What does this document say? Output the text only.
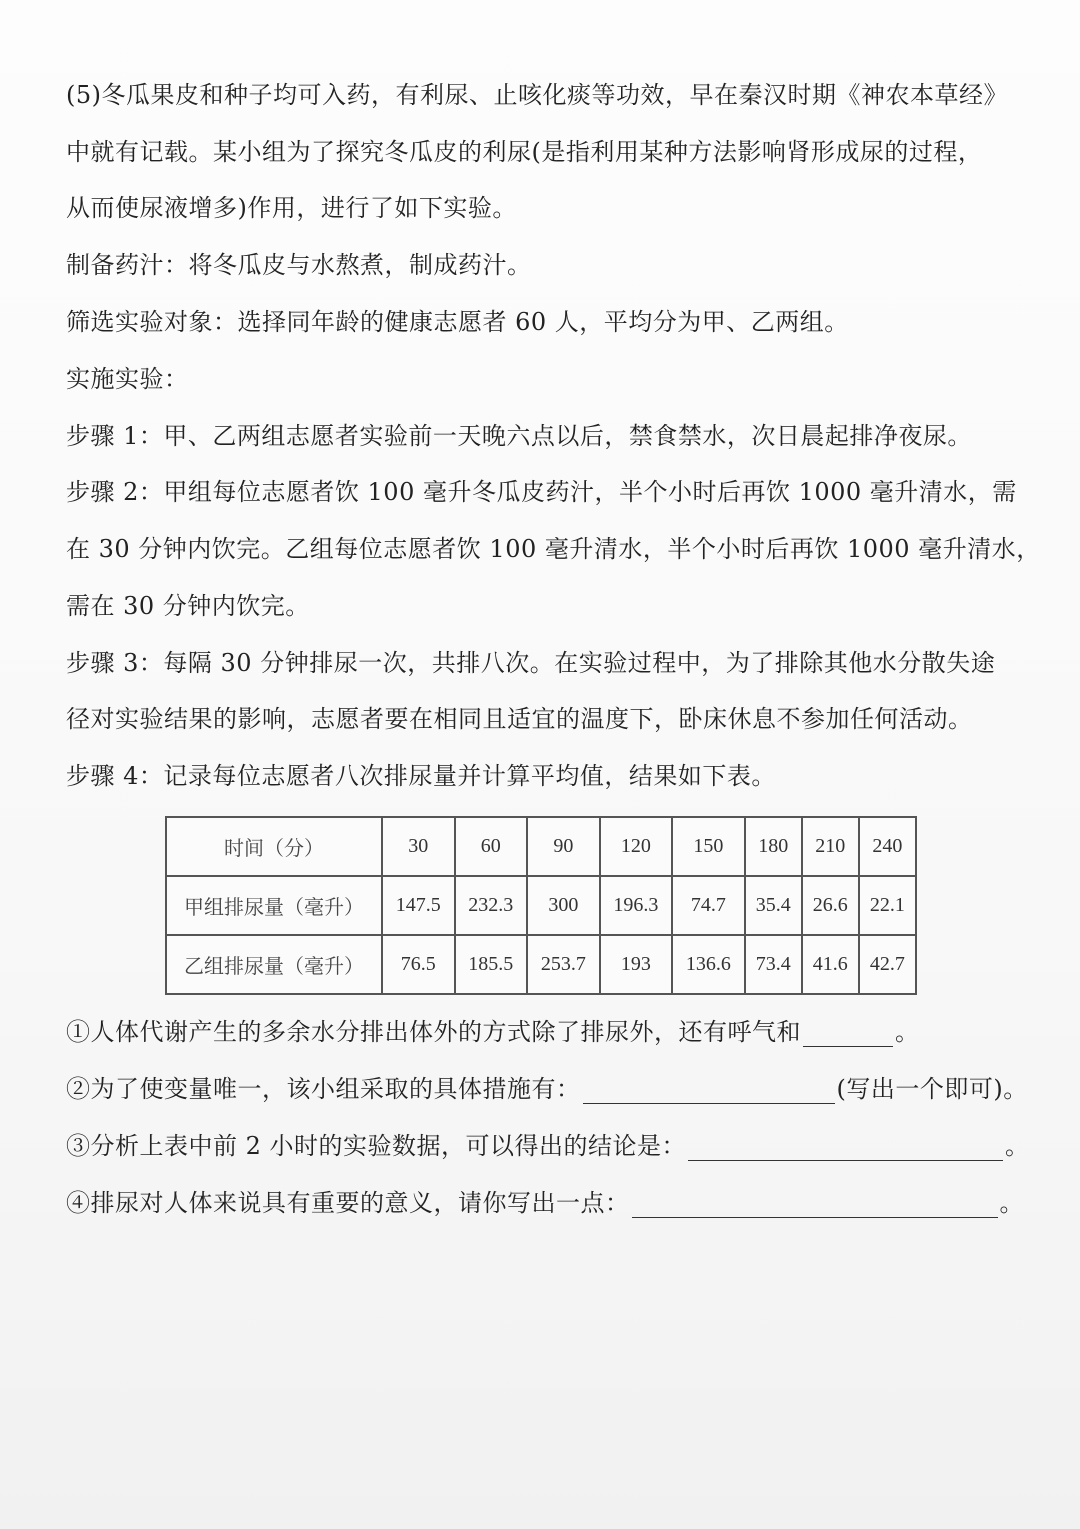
(5)冬瓜果皮和种子均可入药，有利尿、止咳化痰等功效，早在秦汉时期《神农本草经》
中就有记载。某小组为了探究冬瓜皮的利尿(是指利用某种方法影响肾形成尿的过程，
从而使尿液增多)作用，进行了如下实验。
制备药汁：将冬瓜皮与水熬煮，制成药汁。
筛选实验对象：选择同年龄的健康志愿者 60 人，平均分为甲、乙两组。
实施实验：
步骤 1：甲、乙两组志愿者实验前一天晚六点以后，禁食禁水，次日晨起排净夜尿。
步骤 2：甲组每位志愿者饮 100 毫升冬瓜皮药汁，半个小时后再饮 1000 毫升清水，需
在 30 分钟内饮完。乙组每位志愿者饮 100 毫升清水，半个小时后再饮 1000 毫升清水，
需在 30 分钟内饮完。
步骤 3：每隔 30 分钟排尿一次，共排八次。在实验过程中，为了排除其他水分散失途
径对实验结果的影响，志愿者要在相同且适宜的温度下，卧床休息不参加任何活动。
步骤 4：记录每位志愿者八次排尿量并计算平均值，结果如下表。
时间（分）	30	60	90	120	150	180	210	240
甲组排尿量（毫升）	147.5	232.3	300	196.3	74.7	35.4	26.6	22.1
乙组排尿量（毫升）	76.5	185.5	253.7	193	136.6	73.4	41.6	42.7
①人体代谢产生的多余水分排出体外的方式除了排尿外，还有呼气和	。
②为了使变量唯一，该小组采取的具体措施有：	(写出一个即可)。
③分析上表中前 2 小时的实验数据，可以得出的结论是：	。
④排尿对人体来说具有重要的意义，请你写出一点：	。
